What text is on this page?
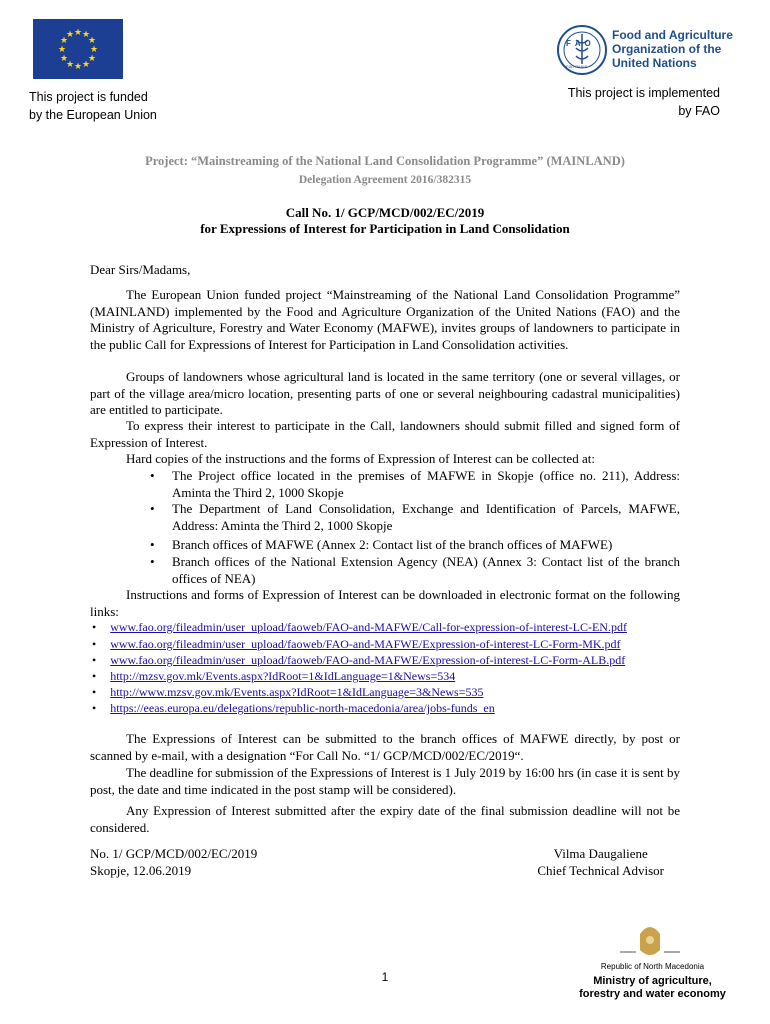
★ ★
★
★
★
★
★
★
★
★
★
★
This project is funded
by the European Union
F A O
FIAT PANIS
Food and Agriculture
Organization of the
United Nations
This project is implemented
by FAO
Project: “Mainstreaming of the National Land Consolidation Programme” (MAINLAND)
Delegation Agreement 2016/382315
Call No. 1/ GCP/MCD/002/EC/2019
for Expressions of Interest for Participation in Land Consolidation
Dear Sirs/Madams,
The European Union funded project “Mainstreaming of the National Land Consolidation Programme” (MAINLAND) implemented by the Food and Agriculture Organization of the United Nations (FAO) and the Ministry of Agriculture, Forestry and Water Economy (MAFWE), invites groups of landowners to participate in the public Call for Expressions of Interest for Participation in Land Consolidation activities.
Groups of landowners whose agricultural land is located in the same territory (one or several villages, or part of the village area/micro location, presenting parts of one or several neighbouring cadastral municipalities) are entitled to participate.
To express their interest to participate in the Call, landowners should submit filled and signed form of Expression of Interest.
Hard copies of the instructions and the forms of Expression of Interest can be collected at:
• The Project office located in the premises of MAFWE in Skopje (office no. 211), Address: Aminta the Third 2, 1000 Skopje
• The Department of Land Consolidation, Exchange and Identification of Parcels, MAFWE, Address: Aminta the Third 2, 1000 Skopje
• Branch offices of MAFWE (Annex 2: Contact list of the branch offices of MAFWE)
• Branch offices of the National Extension Agency (NEA) (Annex 3: Contact list of the branch offices of NEA)
Instructions and forms of Expression of Interest can be downloaded in electronic format on the following links:
• www.fao.org/fileadmin/user_upload/faoweb/FAO-and-MAFWE/Call-for-expression-of-interest-LC-EN.pdf
• www.fao.org/fileadmin/user_upload/faoweb/FAO-and-MAFWE/Expression-of-interest-LC-Form-MK.pdf
• www.fao.org/fileadmin/user_upload/faoweb/FAO-and-MAFWE/Expression-of-interest-LC-Form-ALB.pdf
• http://mzsv.gov.mk/Events.aspx?IdRoot=1&IdLanguage=1&News=534
• http://www.mzsv.gov.mk/Events.aspx?IdRoot=1&IdLanguage=3&News=535
• https://eeas.europa.eu/delegations/republic-north-macedonia/area/jobs-funds_en
The Expressions of Interest can be submitted to the branch offices of MAFWE directly, by post or scanned by e-mail, with a designation “For Call No. “1/ GCP/MCD/002/EC/2019“.
The deadline for submission of the Expressions of Interest is 1 July 2019 by 16:00 hrs (in case it is sent by post, the date and time indicated in the post stamp will be considered).
Any Expression of Interest submitted after the expiry date of the final submission deadline will not be considered.
No. 1/ GCP/MCD/002/EC/2019
Skopje, 12.06.2019
Vilma Daugaliene
Chief Technical Advisor
1
Republic of North Macedonia
Ministry of agriculture,
forestry and water economy
